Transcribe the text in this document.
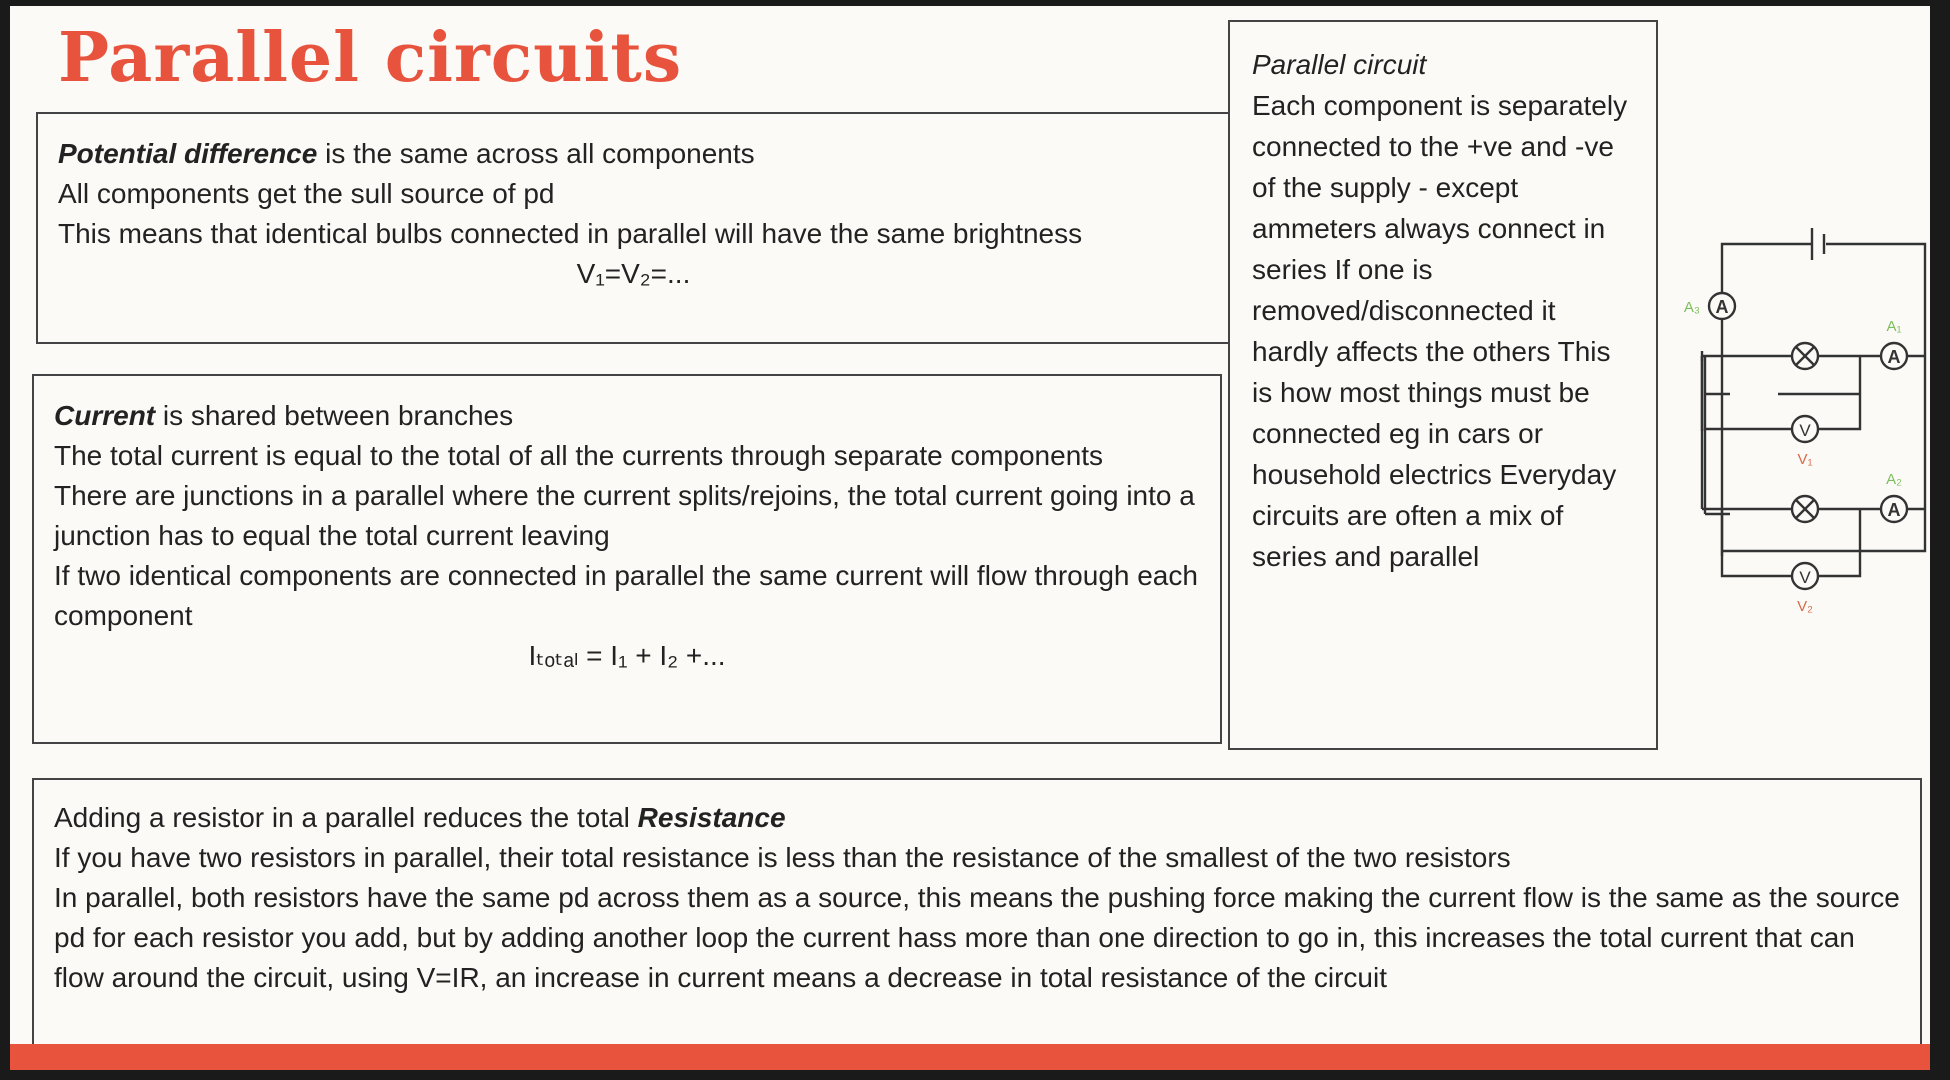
Parallel circuits

Potential difference is the same across all components

All components get the sull source of pd

This means that identical bulbs connected in parallel will have the same brightness

V₁=V₂=...

Current is shared between branches

The total current is equal to the total of all the currents through separate components

There are junctions in a parallel where the current splits/rejoins, the total current going into a junction has to equal the total current leaving

If two identical components are connected in parallel the same current will flow through each component

Iₜₒₜₐₗ = I₁ + I₂ +...

Parallel circuit

Each component is separately connected to the +ve and -ve of the supply - except ammeters always connect in series If one is removed/disconnected it hardly affects the others This is how most things must be connected eg in cars or household electrics Everyday circuits are often a mix of series and parallel

Adding a resistor in a parallel reduces the total Resistance

If you have two resistors in parallel, their total resistance is less than the resistance of the smallest of the two resistors

In parallel, both resistors have the same pd across them as a source, this means the pushing force making the current flow is the same as the source pd for each resistor you add, but by adding another loop the current hass more than one direction to go in, this increases the total current that can flow around the circuit, using V=IR, an increase in current means a decrease in total resistance of the circuit

A
A₃
A
A₁
V
V₁
A
A₂
V
V₂
